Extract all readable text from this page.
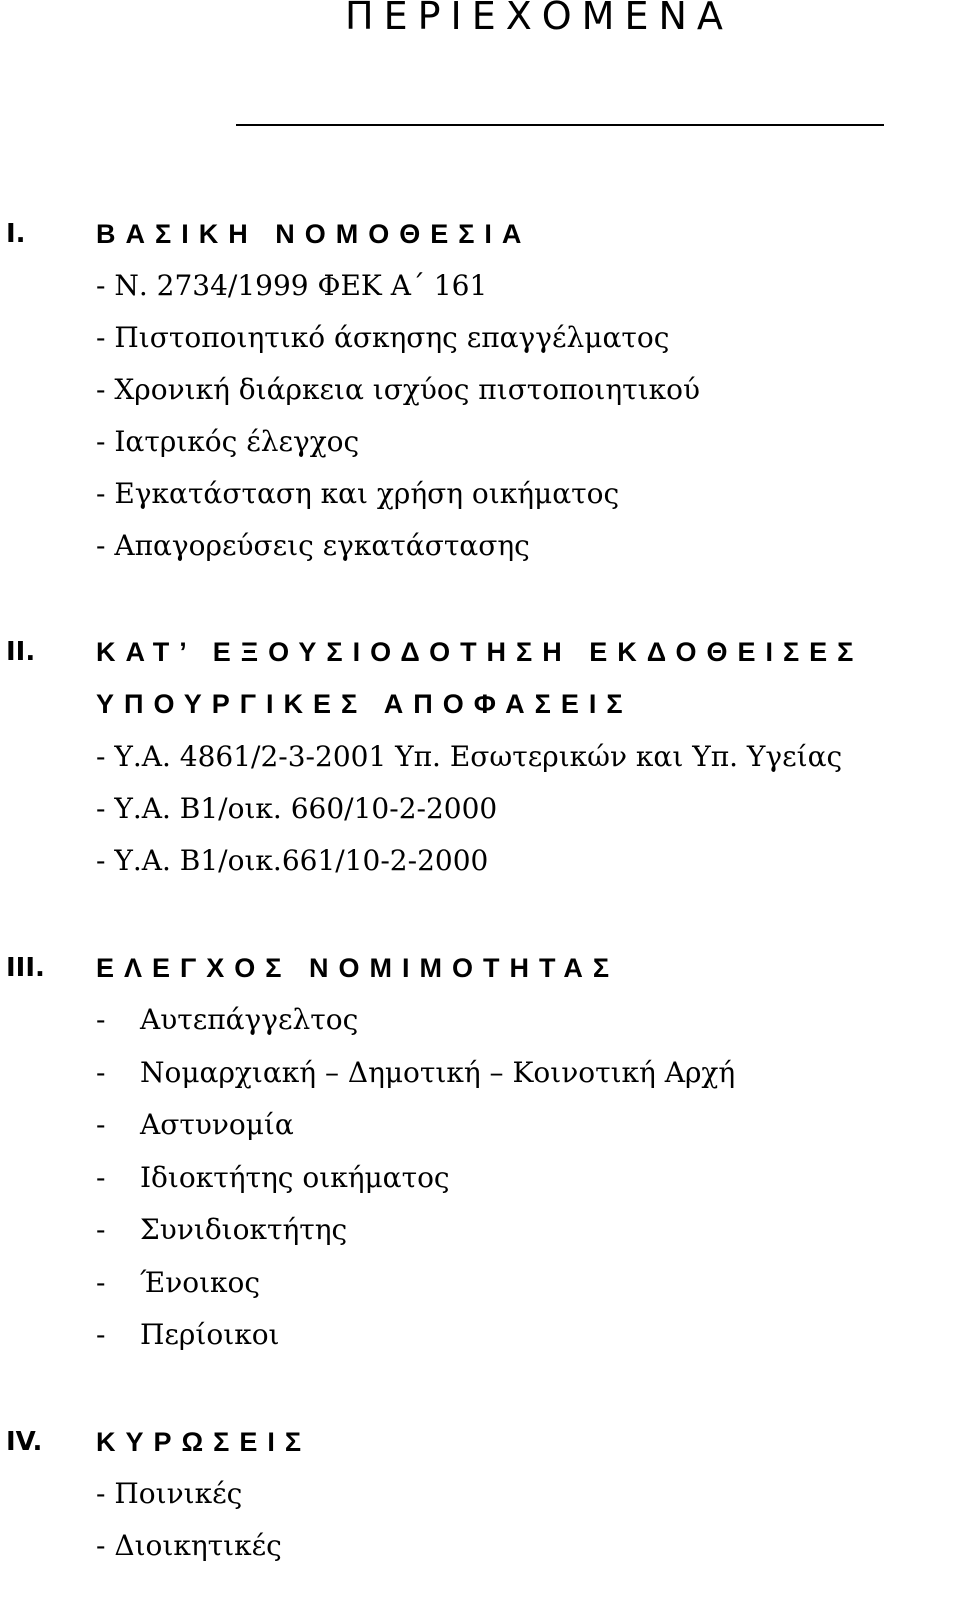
ΠΕΡΙΕΧΟΜΕΝΑ
I.	ΒΑΣΙΚΗ ΝΟΜΟΘΕΣΙΑ
- Ν. 2734/1999 ΦΕΚ Α΄ 161
- Πιστοποιητικό άσκησης επαγγέλματος
- Χρονική διάρκεια ισχύος πιστοποιητικού
- Ιατρικός έλεγχος
- Εγκατάσταση και χρήση οικήματος
- Απαγορεύσεις εγκατάστασης
II. ΚΑΤ’ ΕΞΟΥΣΙΟΔΟΤΗΣΗ ΕΚΔΟΘΕΙΣΕΣ
ΥΠΟΥΡΓΙΚΕΣ ΑΠΟΦΑΣΕΙΣ
- Υ.Α. 4861/2-3-2001 Υπ. Εσωτερικών και Υπ. Υγείας
- Υ.Α. Β1/οικ. 660/10-2-2000
- Υ.Α. Β1/οικ.661/10-2-2000
III. ΕΛΕΓΧΟΣ ΝΟΜΙΜΟΤΗΤΑΣ
- Αυτεπάγγελτος
- Νομαρχιακή – Δημοτική – Κοινοτική Αρχή
- Αστυνομία
- Ιδιοκτήτης οικήματος
- Συνιδιοκτήτης
- Ένοικος
- Περίοικοι
IV. ΚΥΡΩΣΕΙΣ
- Ποινικές
- Διοικητικές
